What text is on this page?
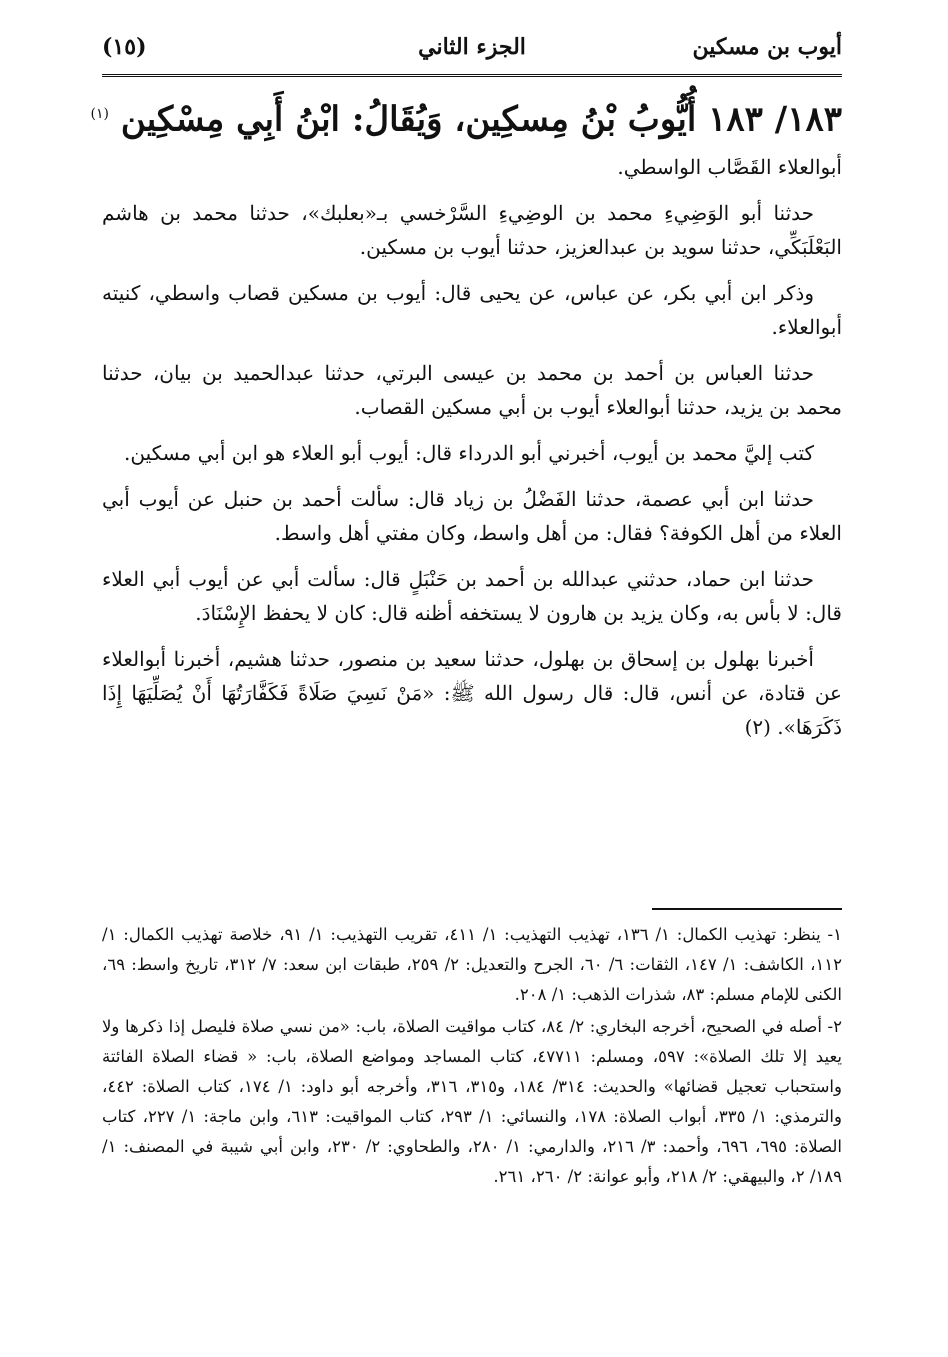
أيوب بن مسكين
الجزء الثاني
(١٥)
١٨٣/ ١٨٣ أُيُّوبُ بْنُ مِسكِين، وَيُقَالُ: ابْنُ أَبِي مِسْكِين $^{(١)}$

أبوالعلاء القَصَّاب الواسطي.

حدثنا أبو الوَضِيءِ محمد بن الوضِيءِ السَّرْخسي بـ«بعلبك»، حدثنا محمد بن هاشم البَعْلَبَكِّي، حدثنا سويد بن عبدالعزيز، حدثنا أيوب بن مسكين.

وذكر ابن أبي بكر، عن عباس، عن يحيى قال: أيوب بن مسكين قصاب واسطي، كنيته أبوالعلاء.

حدثنا العباس بن أحمد بن محمد بن عيسى البرتي، حدثنا عبدالحميد بن بيان، حدثنا محمد بن يزيد، حدثنا أبوالعلاء أيوب بن أبي مسكين القصاب.

كتب إليَّ محمد بن أيوب، أخبرني أبو الدرداء قال: أيوب أبو العلاء هو ابن أبي مسكين.

حدثنا ابن أبي عصمة، حدثنا الفَضْلُ بن زياد قال: سألت أحمد بن حنبل عن أيوب أبي العلاء من أهل الكوفة؟ فقال: من أهل واسط، وكان مفتي أهل واسط.

حدثنا ابن حماد، حدثني عبدالله بن أحمد بن حَنْبَلٍ قال: سألت أبي عن أيوب أبي العلاء قال: لا بأس به، وكان يزيد بن هارون لا يستخفه أظنه قال: كان لا يحفظ الإِسْنَادَ.

أخبرنا بهلول بن إسحاق بن بهلول، حدثنا سعيد بن منصور، حدثنا هشيم، أخبرنا أبوالعلاء عن قتادة، عن أنس، قال: قال رسول الله ﷺ: «مَنْ نَسِيَ صَلَاةً فَكَفَّارَتُهَا أَنْ يُصَلِّيَهَا إِذَا ذَكَرَهَا». (٢)

١- ينظر: تهذيب الكمال: ١/ ١٣٦، تهذيب التهذيب: ١/ ٤١١، تقريب التهذيب: ١/ ٩١، خلاصة تهذيب الكمال: ١/ ١١٢، الكاشف: ١/ ١٤٧، الثقات: ٦/ ٦٠، الجرح والتعديل: ٢/ ٢٥٩، طبقات ابن سعد: ٧/ ٣١٢، تاريخ واسط: ٦٩، الكنى للإمام مسلم: ٨٣، شذرات الذهب: ١/ ٢٠٨.
٢- أصله في الصحيح، أخرجه البخاري: ٢/ ٨٤، كتاب مواقيت الصلاة، باب: «من نسي صلاة فليصل إذا ذكرها ولا يعيد إلا تلك الصلاة»: ٥٩٧، ومسلم: ٤٧٧١١، كتاب المساجد ومواضع الصلاة، باب: « قضاء الصلاة الفائتة واستحباب تعجيل قضائها» والحديث: ٣١٤/ ١٨٤، و٣١٥، ٣١٦، وأخرجه أبو داود: ١/ ١٧٤، كتاب الصلاة: ٤٤٢، والترمذي: ١/ ٣٣٥، أبواب الصلاة: ١٧٨، والنسائي: ١/ ٢٩٣، كتاب المواقيت: ٦١٣، وابن ماجة: ١/ ٢٢٧، كتاب الصلاة: ٦٩٥، ٦٩٦، وأحمد: ٣/ ٢١٦، والدارمي: ١/ ٢٨٠، والطحاوي: ٢/ ٢٣٠، وابن أبي شيبة في المصنف: ١/ ١٨٩/ ٢، والبيهقي: ٢/ ٢١٨، وأبو عوانة: ٢/ ٢٦٠، ٢٦١.
